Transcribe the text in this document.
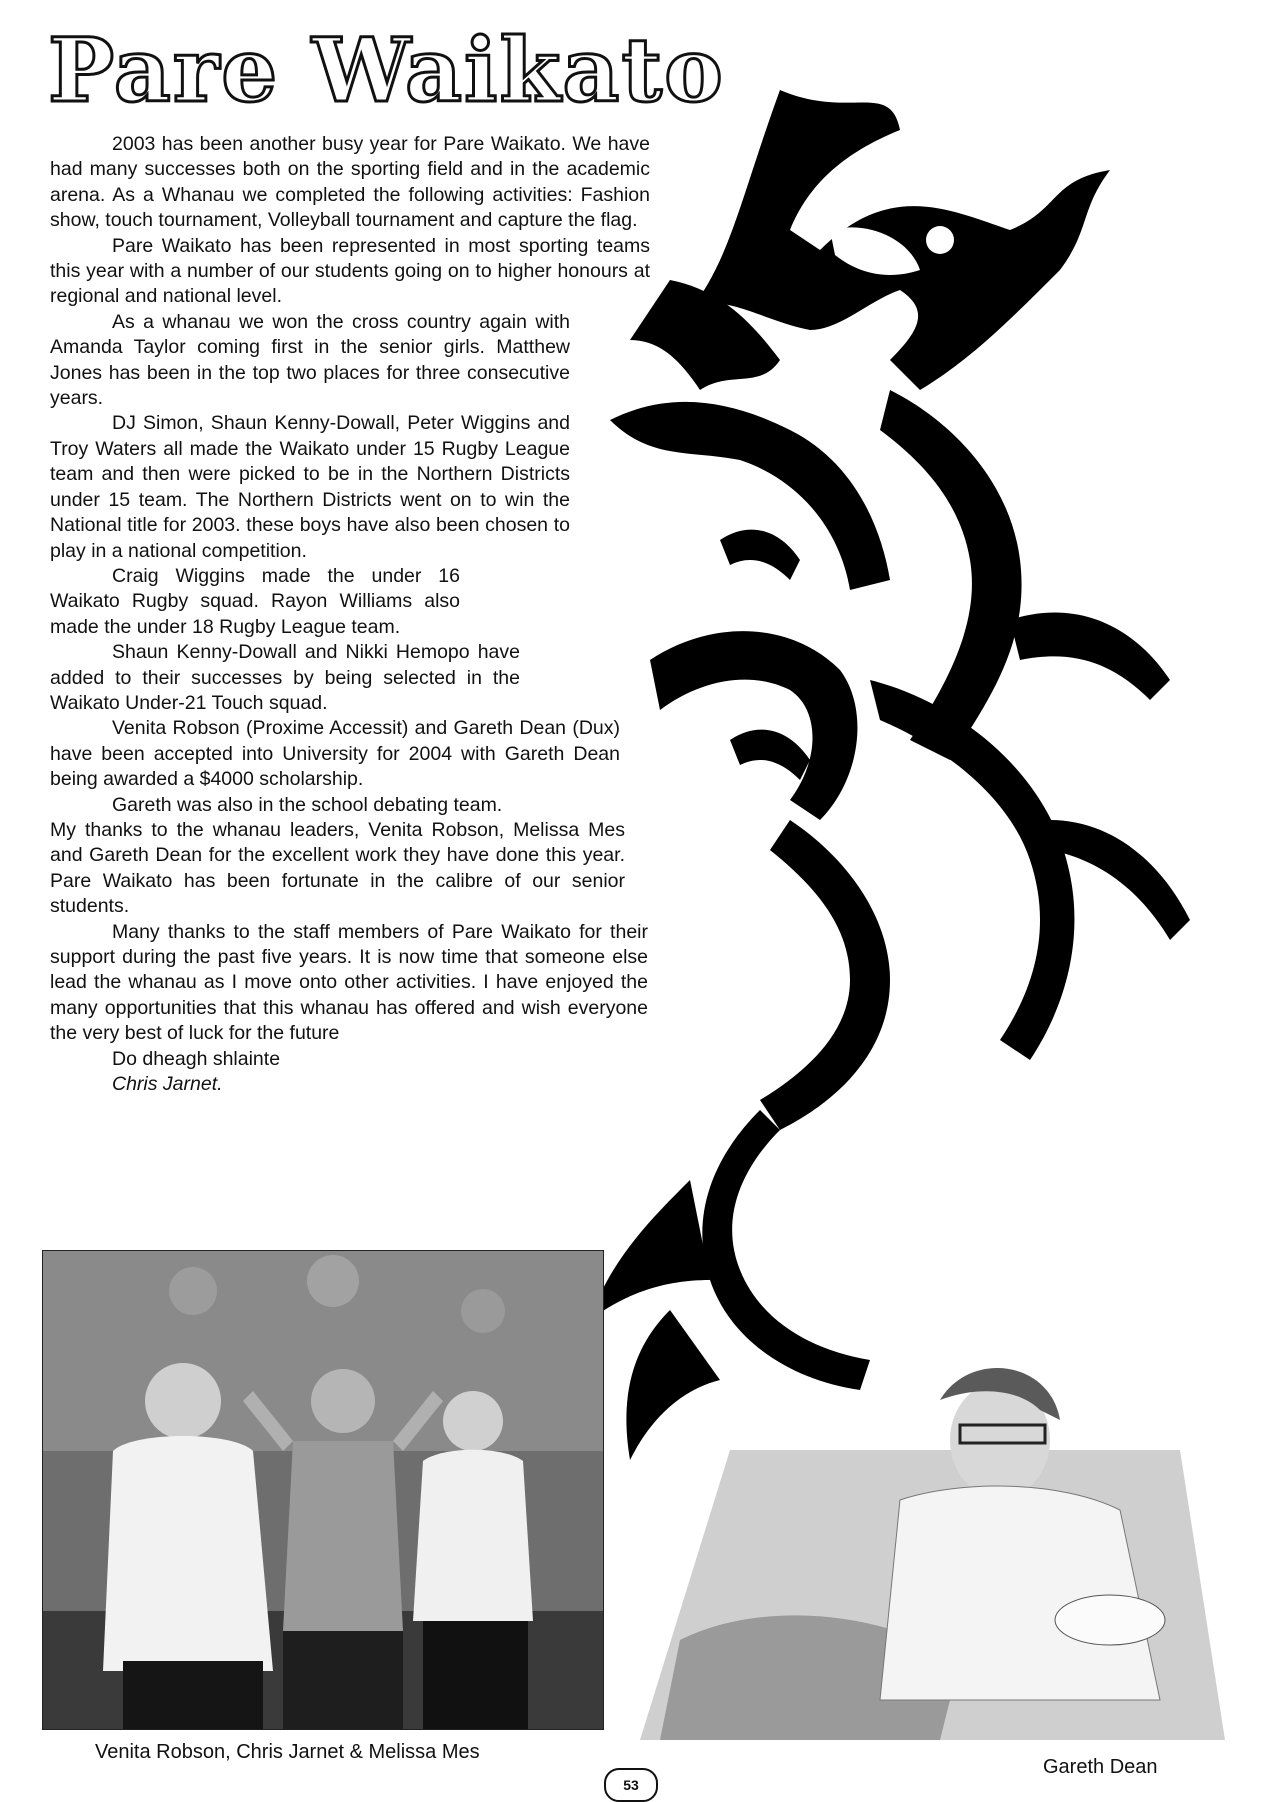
Pare Waikato

2003 has been another busy year for Pare Waikato. We have had many successes both on the sporting field and in the academic arena. As a Whanau we completed the following activities: Fashion show, touch tournament, Volleyball tournament and capture the flag.

Pare Waikato has been represented in most sporting teams this year with a number of our students going on to higher honours at regional and national level.

As a whanau we won the cross country again with Amanda Taylor coming first in the senior girls. Matthew Jones has been in the top two places for three consecutive years.

DJ Simon, Shaun Kenny-Dowall, Peter Wiggins and Troy Waters all made the Waikato under 15 Rugby League team and then were picked to be in the Northern Districts under 15 team. The Northern Districts went on to win the National title for 2003. these boys have also been chosen to play in a national competition.

Craig Wiggins made the under 16 Waikato Rugby squad. Rayon Williams also made the under 18 Rugby League team.

Shaun Kenny-Dowall and Nikki Hemopo have added to their successes by being selected in the Waikato Under-21 Touch squad.

Venita Robson (Proxime Accessit) and Gareth Dean (Dux) have been accepted into University for 2004 with Gareth Dean being awarded a $4000 scholarship.

Gareth was also in the school debating team.

My thanks to the whanau leaders, Venita Robson, Melissa Mes and Gareth Dean for the excellent work they have done this year. Pare Waikato has been fortunate in the calibre of our senior students.

Many thanks to the staff members of Pare Waikato for their support during the past five years. It is now time that someone else lead the whanau as I move onto other activities. I have enjoyed the many opportunities that this whanau has offered and wish everyone the very best of luck for the future

Do dheagh shlainte
Chris Jarnet.
Venita Robson, Chris Jarnet & Melissa Mes
53
Gareth Dean
